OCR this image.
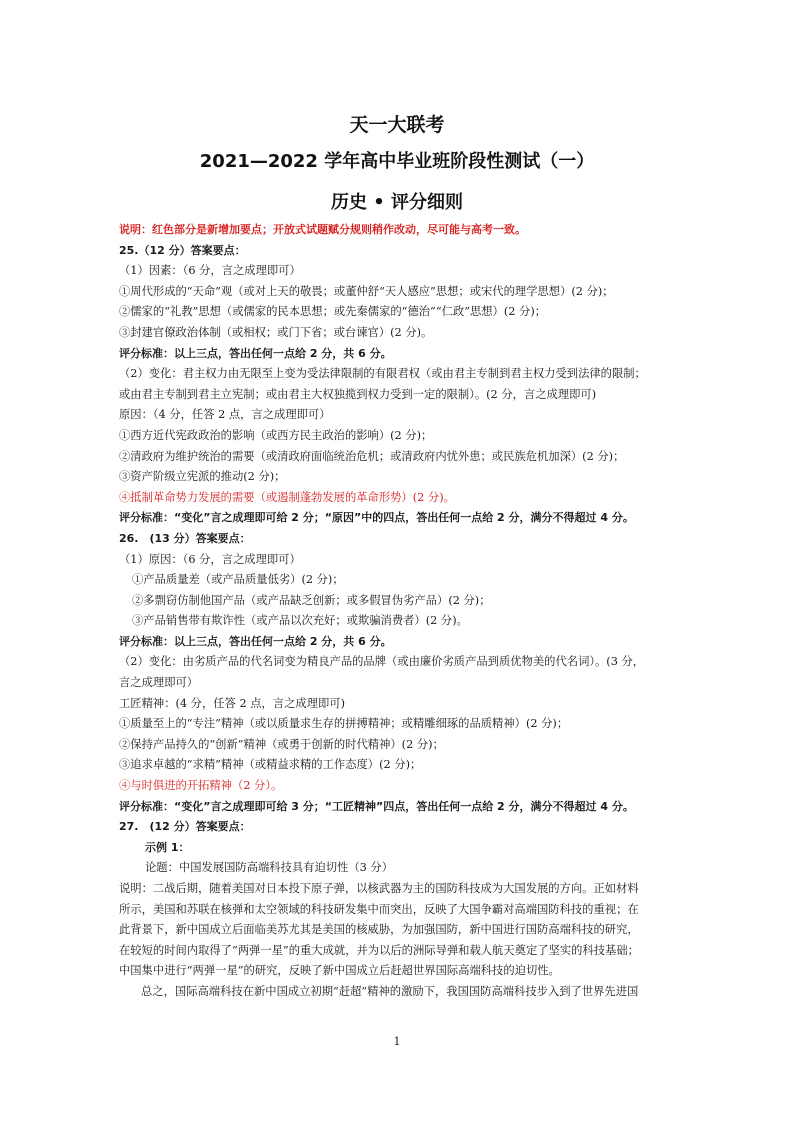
天一大联考
2021—2022 学年高中毕业班阶段性测试（一）
历史 • 评分细则
说明：红色部分是新增加要点；开放式试题赋分规则稍作改动，尽可能与高考一致。
25.（12 分）答案要点：
（1）因素：（6 分，言之成理即可）
①周代形成的“天命”观（或对上天的敬畏；或董仲舒“天人感应”思想；或宋代的理学思想）(2 分)；
②儒家的“礼教”思想（或儒家的民本思想；或先秦儒家的“德治”“仁政”思想）(2 分)；
③封建官僚政治体制（或相权；或门下省；或台谏官）(2 分)。
评分标准：以上三点，答出任何一点给 2 分，共 6 分。
（2）变化：君主权力由无限至上变为受法律限制的有限君权（或由君主专制到君主权力受到法律的限制；
或由君主专制到君主立宪制；或由君主大权独揽到权力受到一定的限制）。(2 分，言之成理即可)
原因：（4 分，任答 2 点，言之成理即可）
①西方近代宪政政治的影响（或西方民主政治的影响）(2 分)；
②清政府为维护统治的需要（或清政府面临统治危机；或清政府内忧外患；或民族危机加深）(2 分)；
③资产阶级立宪派的推动(2 分)；
④抵制革命势力发展的需要（或遏制蓬勃发展的革命形势）(2 分)。
评分标准：“变化”言之成理即可给 2 分；“原因”中的四点，答出任何一点给 2 分，满分不得超过 4 分。
26.　(13 分）答案要点：
（1）原因：（6 分，言之成理即可）
①产品质量差（或产品质量低劣）(2 分)；
②多剽窃仿制他国产品（或产品缺乏创新；或多假冒伪劣产品）(2 分)；
③产品销售带有欺诈性（或产品以次充好；或欺骗消费者）(2 分)。
评分标准：以上三点，答出任何一点给 2 分，共 6 分。
（2）变化：由劣质产品的代名词变为精良产品的品牌（或由廉价劣质产品到质优物美的代名词）。(3 分，
言之成理即可）
工匠精神：(4 分，任答 2 点，言之成理即可)
①质量至上的“专注”精神（或以质量求生存的拼搏精神；或精雕细琢的品质精神）(2 分)；
②保持产品持久的“创新”精神（或勇于创新的时代精神）(2 分)；
③追求卓越的“求精”精神（或精益求精的工作态度）(2 分)；
④与时俱进的开拓精神（2 分）。
评分标准：“变化”言之成理即可给 3 分；“工匠精神”四点，答出任何一点给 2 分，满分不得超过 4 分。
27.　(12 分）答案要点：
示例 1：
论题：中国发展国防高端科技具有迫切性（3 分）
说明：二战后期，随着美国对日本投下原子弹，以核武器为主的国防科技成为大国发展的方向。正如材料
所示，美国和苏联在核弹和太空领域的科技研发集中而突出，反映了大国争霸对高端国防科技的重视；在
此背景下，新中国成立后面临美苏尤其是美国的核威胁，为加强国防，新中国进行国防高端科技的研究，
在较短的时间内取得了“两弹一星”的重大成就，并为以后的洲际导弹和载人航天奠定了坚实的科技基础；
中国集中进行“两弹一星”的研究，反映了新中国成立后赶超世界国际高端科技的迫切性。
总之，国际高端科技在新中国成立初期“赶超”精神的激励下，我国国防高端科技步入到了世界先进国
1
